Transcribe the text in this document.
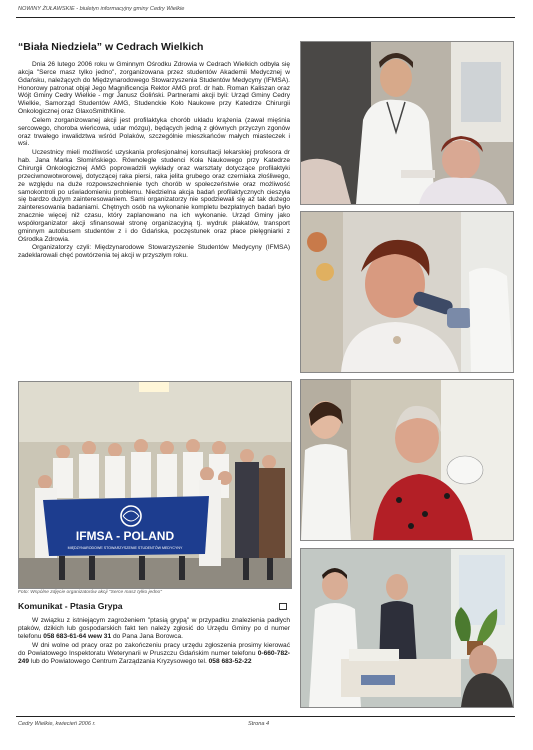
NOWINY ŻUŁAWSKIE - biuletyn informacyjny gminy Cedry Wielkie
“Biała Niedziela” w Cedrach Wielkich

Dnia 26 lutego 2006 roku w Gminnym Ośrodku Zdrowia w Cedrach Wielkich odbyła się akcja "Serce masz tylko jedno", zorganizowana przez studentów Akademii Medycznej w Gdańsku, należących do Międzynarodowego Stowarzyszenia Studentów Medycyny (IFMSA). Honorowy patronat objął Jego Magnificencja Rektor AMG prof. dr hab. Roman Kaliszan oraz Wójt Gminy Cedry Wielkie - mgr Janusz Goliński. Partnerami akcji byli: Urząd Gminy Cedry Wielkie, Samorząd Studentów AMG, Studenckie Koło Naukowe przy Katedrze Chirurgii Onkologicznej oraz GlaxoSmithKline.

Celem zorganizowanej akcji jest profilaktyka chorób układu krążenia (zawał mięśnia sercowego, choroba wieńcowa, udar mózgu), będących jedną z głównych przyczyn zgonów oraz trwałego inwalidztwa wśród Polaków, szczególnie mieszkańców małych miasteczek i wsi.

Uczestnicy mieli możliwość uzyskania profesjonalnej konsultacji lekarskiej profesora dr hab. Jana Marka Słomińskiego. Równolegle studenci Koła Naukowego przy Katedrze Chirurgii Onkologicznej AMG poprowadzili wykłady oraz warsztaty dotyczące profilaktyki przeciwnowotworowej, dotyczącej raka piersi, raka jelita grubego oraz czerniaka złośliwego, ze względu na duże rozpowszechnienie tych chorób w społeczeństwie oraz możliwość samokontroli po uświadomieniu problemu. Niedzielna akcja badań profilaktycznych cieszyła się bardzo dużym zainteresowaniem. Sami organizatorzy nie spodziewali się aż tak dużego zainteresowania badaniami. Chętnych osób na wykonanie kompletu bezpłatnych badań było znacznie więcej niż czasu, który zaplanowano na ich wykonanie. Urząd Gminy jako współorganizator akcji sfinansował stronę organizacyjną tj. wydruk plakatów, transport gminnym autobusem studentów z i do Gdańska, poczęstunek oraz płace pielęgniarki z Ośrodka Zdrowia.

Organizatorzy czyli: Międzynarodowe Stowarzyszenie Studentów Medycyny (IFMSA) zadeklarowali chęć powtórzenia tej akcji w przyszłym roku.

IFMSA - POLAND
MIĘDZYNARODOWE STOWARZYSZENIE STUDENTÓW MEDYCYNY
Foto: Wspólne zdjęcie organizatorów akcji "Serce masz tylko jedno"
Komunikat - Ptasia Grypa

W związku z istniejącym zagrożeniem "ptasią grypą" w przypadku znalezienia padłych ptaków, dzikich lub gospodarskich fakt ten należy zgłosić do Urzędu Gminy po d numer telefonu 058 683-61-64 wew 31 do Pana Jana Borowca.

W dni wolne od pracy oraz po zakończeniu pracy urzędu zgłoszenia prosimy kierować do Powiatowego Inspektoratu Weterynarii w Pruszczu Gdańskim numer telefonu 0-660-782-249 lub do Powiatowego Centrum Zarządzania Kryzysowego tel. 058 683-52-22

Cedry Wielkie, kwiecień 2006 r.	Strona 4
